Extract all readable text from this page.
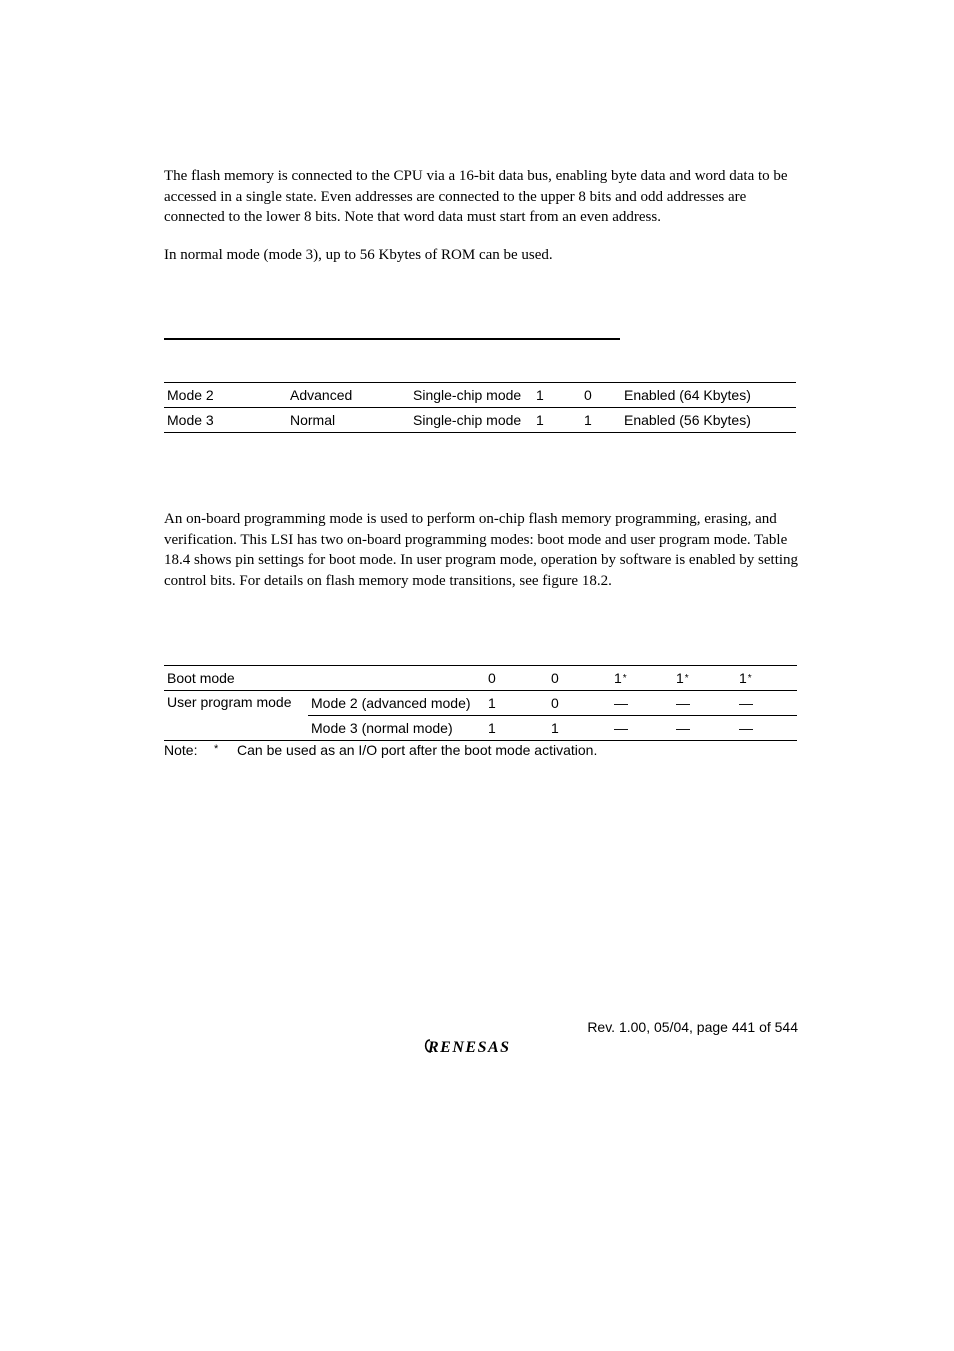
The flash memory is connected to the CPU via a 16-bit data bus, enabling byte data and word data to be accessed in a single state. Even addresses are connected to the upper 8 bits and odd addresses are connected to the lower 8 bits. Note that word data must start from an even address.

In normal mode (mode 3), up to 56 Kbytes of ROM can be used.

Mode 2	Advanced	Single-chip mode	1	0	Enabled (64 Kbytes)
Mode 3	Normal	Single-chip mode	1	1	Enabled (56 Kbytes)

An on-board programming mode is used to perform on-chip flash memory programming, erasing, and verification. This LSI has two on-board programming modes: boot mode and user program mode. Table 18.4 shows pin settings for boot mode. In user program mode, operation by software is enabled by setting control bits. For details on flash memory mode transitions, see figure 18.2.

Boot mode		0	0	1*	1*	1*
User program mode	Mode 2 (advanced mode)	1	0	—	—	—
	Mode 3 (normal mode)	1	1	—	—	—
Note: * Can be used as an I/O port after the boot mode activation.
Rev. 1.00, 05/04, page 441 of 544
RENESAS
